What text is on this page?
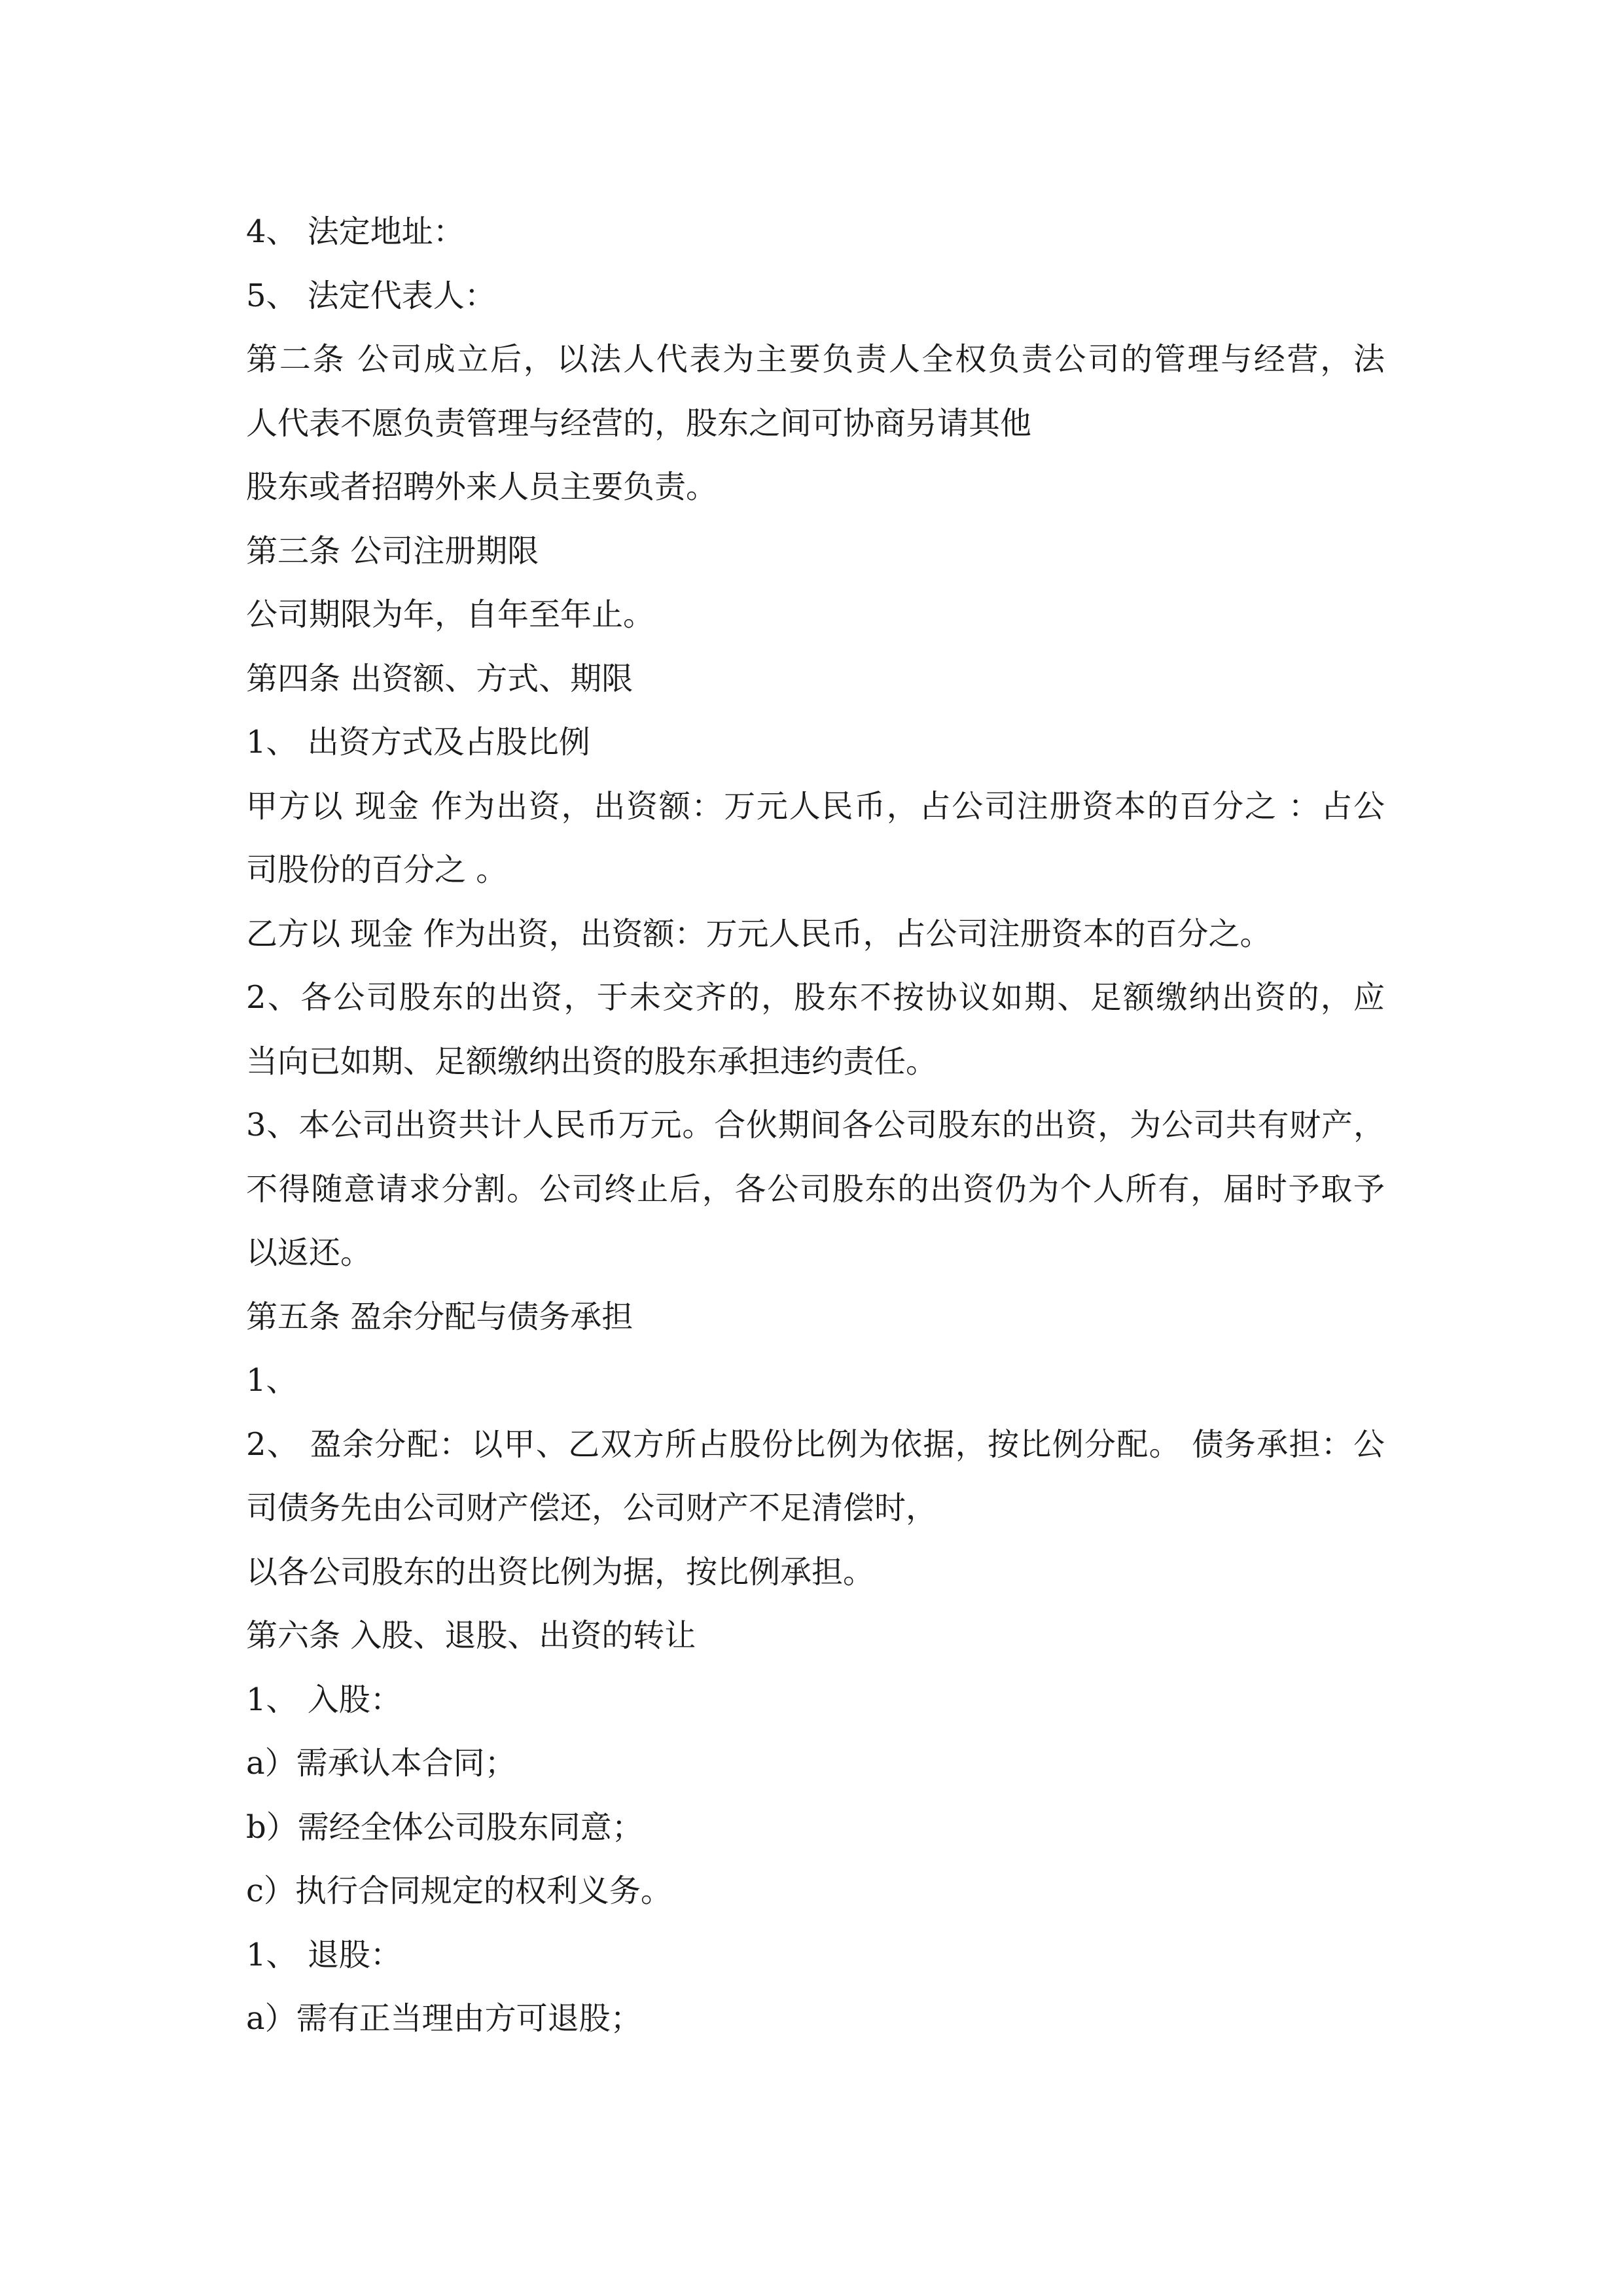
4、 法定地址：
5、 法定代表人：
第二条 公司成立后，以法人代表为主要负责人全权负责公司的管理与经营，法
人代表不愿负责管理与经营的，股东之间可协商另请其他
股东或者招聘外来人员主要负责。
第三条 公司注册期限
公司期限为年，自年至年止。
第四条 出资额、方式、期限
1、 出资方式及占股比例
甲方以 现金 作为出资，出资额：万元人民币，占公司注册资本的百分之 ：占公
司股份的百分之 。
乙方以 现金 作为出资，出资额：万元人民币，占公司注册资本的百分之。
2、各公司股东的出资，于未交齐的，股东不按协议如期、足额缴纳出资的，应
当向已如期、足额缴纳出资的股东承担违约责任。
3、本公司出资共计人民币万元。合伙期间各公司股东的出资，为公司共有财产，
不得随意请求分割。公司终止后，各公司股东的出资仍为个人所有，届时予取予
以返还。
第五条 盈余分配与债务承担
1、
2、 盈余分配：以甲、乙双方所占股份比例为依据，按比例分配。 债务承担：公
司债务先由公司财产偿还，公司财产不足清偿时，
以各公司股东的出资比例为据，按比例承担。
第六条 入股、退股、出资的转让
1、 入股：
a）需承认本合同；
b）需经全体公司股东同意；
c）执行合同规定的权利义务。
1、 退股：
a）需有正当理由方可退股；
